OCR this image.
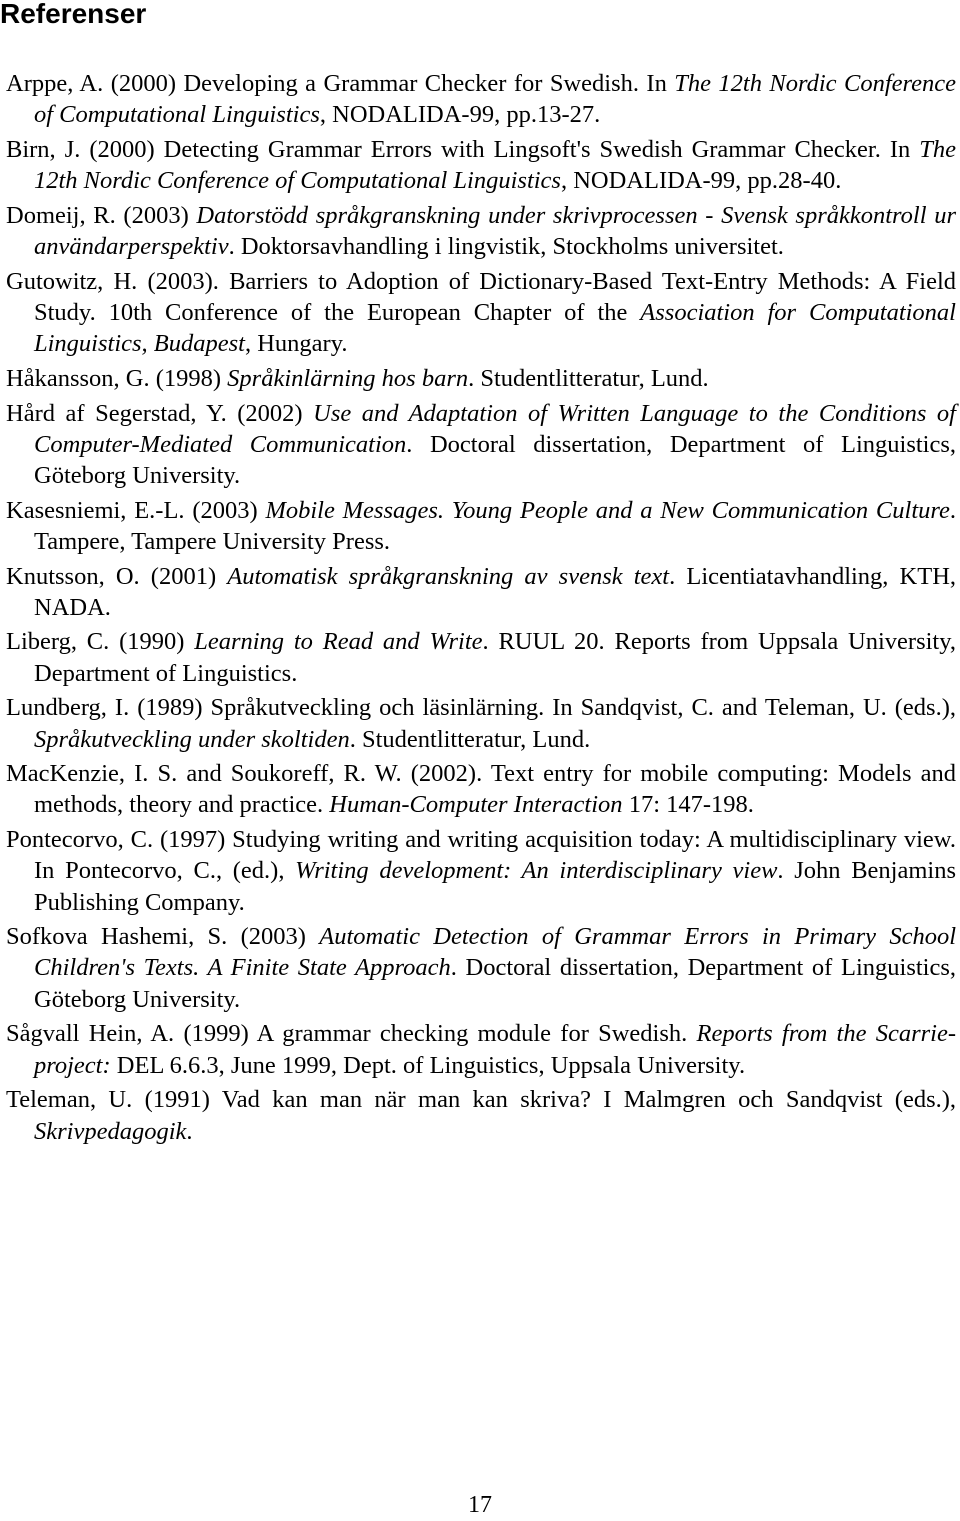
Referenser
Arppe, A. (2000) Developing a Grammar Checker for Swedish. In The 12th Nordic Conference of Computational Linguistics, NODALIDA-99, pp.13-27.
Birn, J. (2000) Detecting Grammar Errors with Lingsoft's Swedish Grammar Checker. In The 12th Nordic Conference of Computational Linguistics, NODALIDA-99, pp.28-40.
Domeij, R. (2003) Datorstödd språkgranskning under skrivprocessen - Svensk språkkontroll ur användarperspektiv. Doktorsavhandling i lingvistik, Stockholms universitet.
Gutowitz, H. (2003). Barriers to Adoption of Dictionary-Based Text-Entry Methods: A Field Study. 10th Conference of the European Chapter of the Association for Computational Linguistics, Budapest, Hungary.
Håkansson, G. (1998) Språkinlärning hos barn. Studentlitteratur, Lund.
Hård af Segerstad, Y. (2002) Use and Adaptation of Written Language to the Conditions of Computer-Mediated Communication. Doctoral dissertation, Department of Linguistics, Göteborg University.
Kasesniemi, E.-L. (2003) Mobile Messages. Young People and a New Communication Culture. Tampere, Tampere University Press.
Knutsson, O. (2001) Automatisk språkgranskning av svensk text. Licentiatavhandling, KTH, NADA.
Liberg, C. (1990) Learning to Read and Write. RUUL 20. Reports from Uppsala University, Department of Linguistics.
Lundberg, I. (1989) Språkutveckling och läsinlärning. In Sandqvist, C. and Teleman, U. (eds.), Språkutveckling under skoltiden. Studentlitteratur, Lund.
MacKenzie, I. S. and Soukoreff, R. W. (2002). Text entry for mobile computing: Models and methods, theory and practice. Human-Computer Interaction 17: 147-198.
Pontecorvo, C. (1997) Studying writing and writing acquisition today: A multidisciplinary view. In Pontecorvo, C., (ed.), Writing development: An interdisciplinary view. John Benjamins Publishing Company.
Sofkova Hashemi, S. (2003) Automatic Detection of Grammar Errors in Primary School Children's Texts. A Finite State Approach. Doctoral dissertation, Department of Linguistics, Göteborg University.
Sågvall Hein, A. (1999) A grammar checking module for Swedish. Reports from the Scarrie-project: DEL 6.6.3, June 1999, Dept. of Linguistics, Uppsala University.
Teleman, U. (1991) Vad kan man när man kan skriva? I Malmgren och Sandqvist (eds.), Skrivpedagogik.
17
